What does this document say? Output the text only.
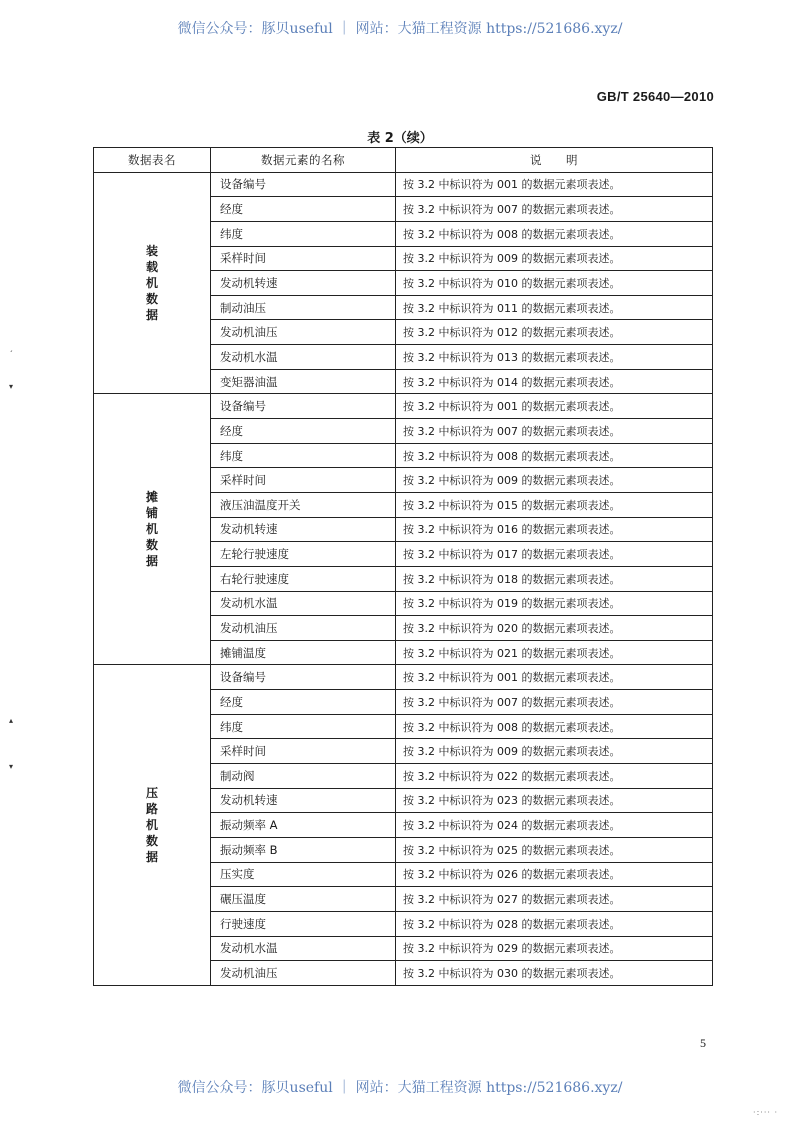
微信公众号：豚贝useful ｜ 网站：大猫工程资源 https://521686.xyz/
GB/T 25640—2010
表 2（续）
ˏ
▾
▴
▾
数据表名	数据元素的名称	说　　明
装载机数据	设备编号	按 3.2 中标识符为 001 的数据元素项表述。
	经度	按 3.2 中标识符为 007 的数据元素项表述。
	纬度	按 3.2 中标识符为 008 的数据元素项表述。
	采样时间	按 3.2 中标识符为 009 的数据元素项表述。
	发动机转速	按 3.2 中标识符为 010 的数据元素项表述。
	制动油压	按 3.2 中标识符为 011 的数据元素项表述。
	发动机油压	按 3.2 中标识符为 012 的数据元素项表述。
	发动机水温	按 3.2 中标识符为 013 的数据元素项表述。
	变矩器油温	按 3.2 中标识符为 014 的数据元素项表述。
摊铺机数据	设备编号	按 3.2 中标识符为 001 的数据元素项表述。
	经度	按 3.2 中标识符为 007 的数据元素项表述。
	纬度	按 3.2 中标识符为 008 的数据元素项表述。
	采样时间	按 3.2 中标识符为 009 的数据元素项表述。
	液压油温度开关	按 3.2 中标识符为 015 的数据元素项表述。
	发动机转速	按 3.2 中标识符为 016 的数据元素项表述。
	左轮行驶速度	按 3.2 中标识符为 017 的数据元素项表述。
	右轮行驶速度	按 3.2 中标识符为 018 的数据元素项表述。
	发动机水温	按 3.2 中标识符为 019 的数据元素项表述。
	发动机油压	按 3.2 中标识符为 020 的数据元素项表述。
	摊铺温度	按 3.2 中标识符为 021 的数据元素项表述。
压路机数据	设备编号	按 3.2 中标识符为 001 的数据元素项表述。
	经度	按 3.2 中标识符为 007 的数据元素项表述。
	纬度	按 3.2 中标识符为 008 的数据元素项表述。
	采样时间	按 3.2 中标识符为 009 的数据元素项表述。
	制动阀	按 3.2 中标识符为 022 的数据元素项表述。
	发动机转速	按 3.2 中标识符为 023 的数据元素项表述。
	振动频率 A	按 3.2 中标识符为 024 的数据元素项表述。
	振动频率 B	按 3.2 中标识符为 025 的数据元素项表述。
	压实度	按 3.2 中标识符为 026 的数据元素项表述。
	碾压温度	按 3.2 中标识符为 027 的数据元素项表述。
	行驶速度	按 3.2 中标识符为 028 的数据元素项表述。
	发动机水温	按 3.2 中标识符为 029 的数据元素项表述。
	发动机油压	按 3.2 中标识符为 030 的数据元素项表述。
5
微信公众号：豚贝useful ｜ 网站：大猫工程资源 https://521686.xyz/
·:··· ·
